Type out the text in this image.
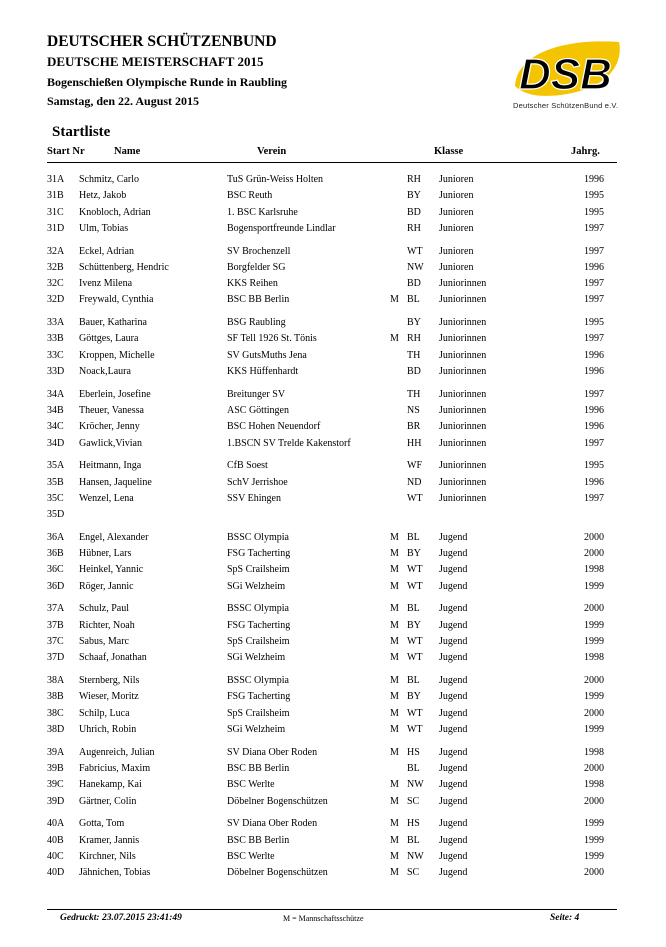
DEUTSCHER SCHÜTZENBUND
DEUTSCHE MEISTERSCHAFT 2015
Bogenschießen Olympische Runde in Raubling
Samstag, den 22. August 2015
DSB
Deutscher SchützenBund e.V.
Startliste
Start Nr	Name	Verein	Klasse	Jahrg.
31A Schmitz, Carlo	TuS Grün-Weiss Holten	RH Junioren	1996
31B Hetz, Jakob	BSC Reuth	BY Junioren	1995
31C Knobloch, Adrian	1. BSC Karlsruhe	BD Junioren	1995
31D Ulm, Tobias	Bogensportfreunde Lindlar	RH Junioren	1997
32A Eckel, Adrian	SV Brochenzell	WT Junioren	1997
32B Schüttenberg, Hendric	Borgfelder SG	NW Junioren	1996
32C Ivenz Milena	KKS Reihen	BD Juniorinnen	1997
32D Freywald, Cynthia	BSC BB Berlin	M BL Juniorinnen	1997
33A Bauer, Katharina	BSG Raubling	BY Juniorinnen	1995
33B Göttges, Laura	SF Tell 1926 St. Tönis	M RH Juniorinnen	1997
33C Kroppen, Michelle	SV GutsMuths Jena	TH Juniorinnen	1996
33D Noack,Laura	KKS Hüffenhardt	BD Juniorinnen	1996
34A Eberlein, Josefine	Breitunger SV	TH Juniorinnen	1997
34B Theuer, Vanessa	ASC Göttingen	NS Juniorinnen	1996
34C Kröcher, Jenny	BSC Hohen Neuendorf	BR Juniorinnen	1996
34D Gawlick,Vivian	1.BSCN SV Trelde Kakenstorf	HH Juniorinnen	1997
35A Heitmann, Inga	CfB Soest	WF Juniorinnen	1995
35B Hansen, Jaqueline	SchV Jerrishoe	ND Juniorinnen	1996
35C Wenzel, Lena	SSV Ehingen	WT Juniorinnen	1997
35D
36A Engel, Alexander	BSSC Olympia	M BL Jugend	2000
36B Hübner, Lars	FSG Tacherting	M BY Jugend	2000
36C Heinkel, Yannic	SpS Crailsheim	M WT Jugend	1998
36D Röger, Jannic	SGi Welzheim	M WT Jugend	1999
37A Schulz, Paul	BSSC Olympia	M BL Jugend	2000
37B Richter, Noah	FSG Tacherting	M BY Jugend	1999
37C Sabus, Marc	SpS Crailsheim	M WT Jugend	1999
37D Schaaf, Jonathan	SGi Welzheim	M WT Jugend	1998
38A Sternberg, Nils	BSSC Olympia	M BL Jugend	2000
38B Wieser, Moritz	FSG Tacherting	M BY Jugend	1999
38C Schilp, Luca	SpS Crailsheim	M WT Jugend	2000
38D Uhrich, Robin	SGi Welzheim	M WT Jugend	1999
39A Augenreich, Julian	SV Diana Ober Roden	M HS Jugend	1998
39B Fabricius, Maxim	BSC BB Berlin	BL Jugend	2000
39C Hanekamp, Kai	BSC Werlte	M NW Jugend	1998
39D Gärtner, Colin	Döbelner Bogenschützen	M SC Jugend	2000
40A Gotta, Tom	SV Diana Ober Roden	M HS Jugend	1999
40B Kramer, Jannis	BSC BB Berlin	M BL Jugend	1999
40C Kirchner, Nils	BSC Werlte	M NW Jugend	1999
40D Jähnichen, Tobias	Döbelner Bogenschützen	M SC Jugend	2000
Gedruckt: 23.07.2015 23:41:49	M = Mannschaftsschütze	Seite: 4
